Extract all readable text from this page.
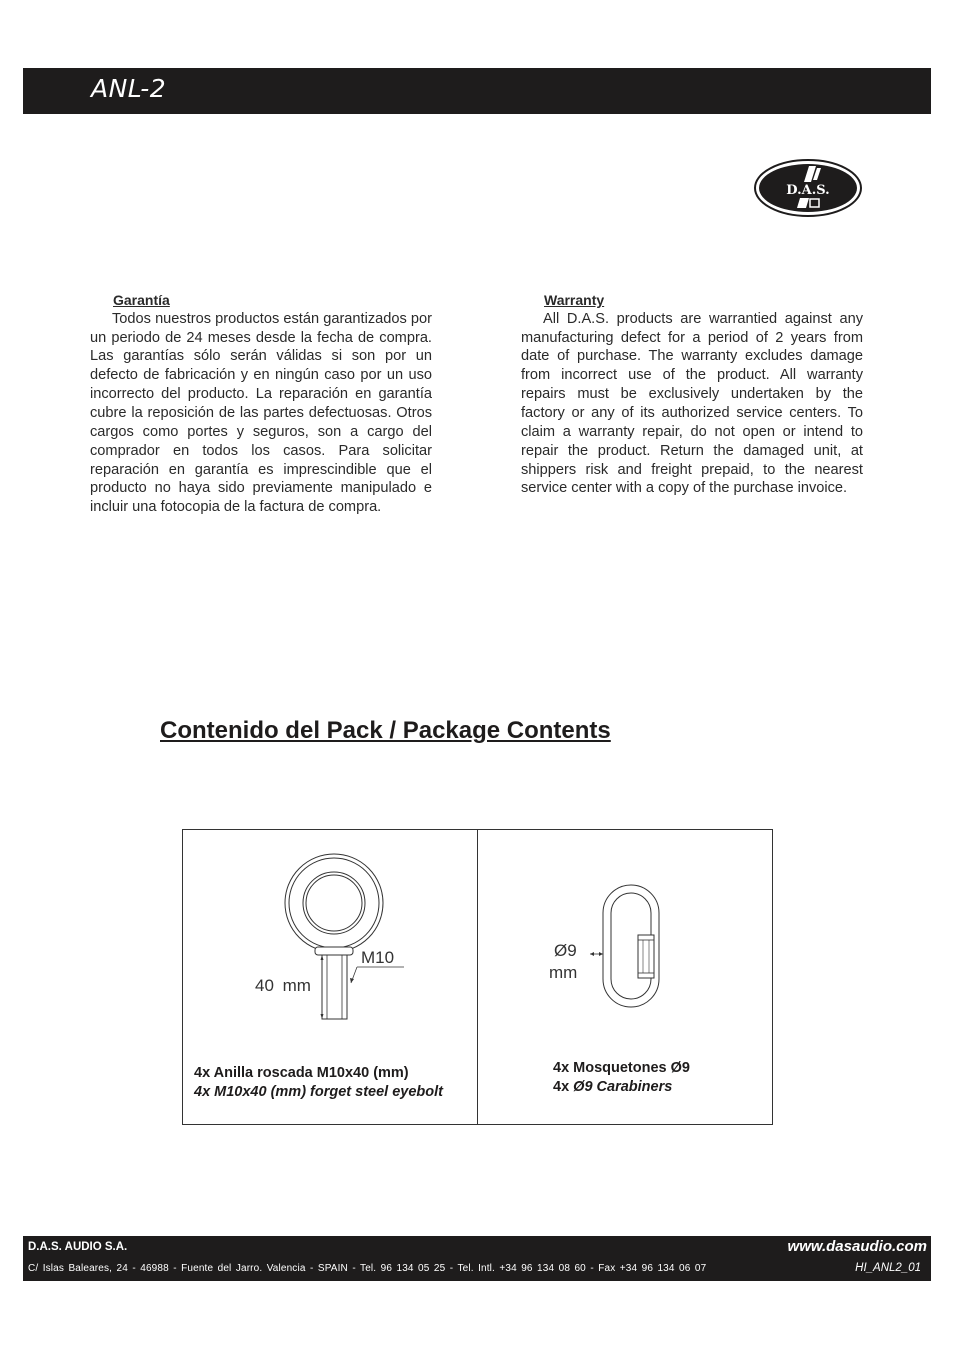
ANL-2
D.A.S.
Garantía

Todos nuestros productos están garantizados por un periodo de 24 meses desde la fecha de compra. Las garantías sólo serán válidas si son por un defecto de fabricación y en ningún caso por un uso incorrecto del producto. La reparación en garantía cubre la reposición de las partes defectuosas. Otros cargos como portes y seguros, son a cargo del comprador en todos los casos. Para solicitar reparación en garantía es imprescindible que el producto no haya sido previamente manipulado e incluir una fotocopia de la factura de compra.

Warranty

All D.A.S. products are warrantied against any manufacturing defect for a period of 2 years from date of purchase. The warranty excludes damage from incorrect use of the product. All warranty repairs must be exclusively undertaken by the factory or any of its authorized service centers. To claim a warranty repair, do not open or intend to repair the product. Return the damaged unit, at shippers risk and freight prepaid, to the nearest service center with a copy of the purchase invoice.

Contenido del Pack / Package Contents
M10
40 mm
4x Anilla roscada M10x40 (mm)
4x M10x40 (mm) forget steel eyebolt
Ø9
mm
4x Mosquetones Ø9
4x Ø9 Carabiners
D.A.S. AUDIO S.A.	www.dasaudio.com
C/ Islas Baleares, 24 - 46988 - Fuente del Jarro. Valencia - SPAIN - Tel. 96 134 05 25 - Tel. Intl. +34 96 134 08 60 - Fax +34 96 134 06 07	HI_ANL2_01
